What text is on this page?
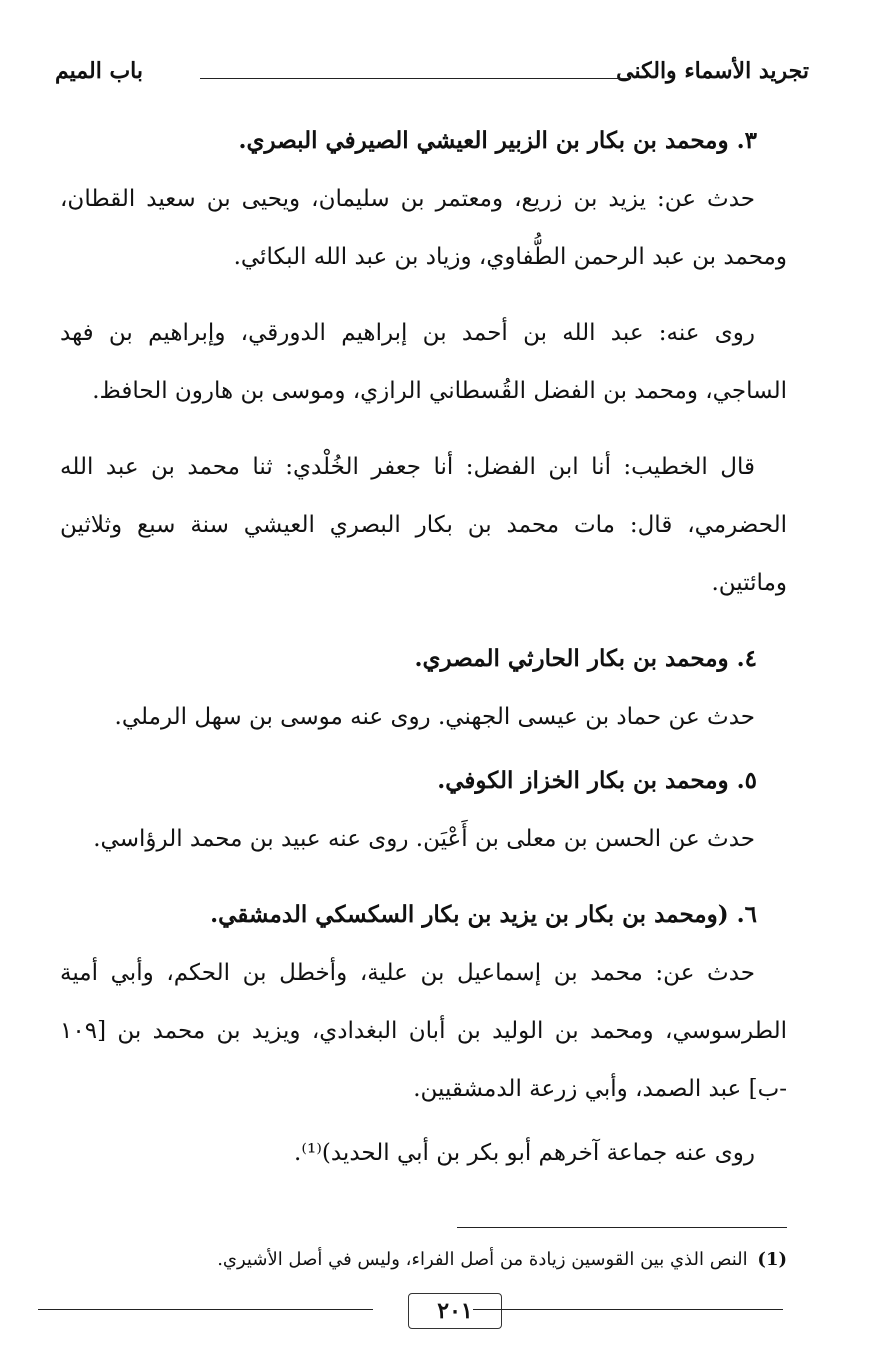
تجريد الأسماء والكنى
باب الميم

٣. ومحمد بن بكار بن الزبير العيشي الصيرفي البصري.

حدث عن: يزيد بن زريع، ومعتمر بن سليمان، ويحيى بن سعيد القطان، ومحمد بن عبد الرحمن الطُّفاوي، وزياد بن عبد الله البكائي.

روى عنه: عبد الله بن أحمد بن إبراهيم الدورقي، وإبراهيم بن فهد الساجي، ومحمد بن الفضل القُسطاني الرازي، وموسى بن هارون الحافظ.

قال الخطيب: أنا ابن الفضل: أنا جعفر الخُلْدي: ثنا محمد بن عبد الله الحضرمي، قال: مات محمد بن بكار البصري العيشي سنة سبع وثلاثين ومائتين.

٤. ومحمد بن بكار الحارثي المصري.

حدث عن حماد بن عيسى الجهني. روى عنه موسى بن سهل الرملي.

٥. ومحمد بن بكار الخزاز الكوفي.

حدث عن الحسن بن معلى بن أَعْيَن. روى عنه عبيد بن محمد الرؤاسي.

٦. (ومحمد بن بكار بن يزيد بن بكار السكسكي الدمشقي.

حدث عن: محمد بن إسماعيل بن علية، وأخطل بن الحكم، وأبي أمية الطرسوسي، ومحمد بن الوليد بن أبان البغدادي، ويزيد بن محمد بن [١٠٩ -ب] عبد الصمد، وأبي زرعة الدمشقيين.

روى عنه جماعة آخرهم أبو بكر بن أبي الحديد)⁽¹⁾.

(1) النص الذي بين القوسين زيادة من أصل الفراء، وليس في أصل الأشيري.
٢٠١
